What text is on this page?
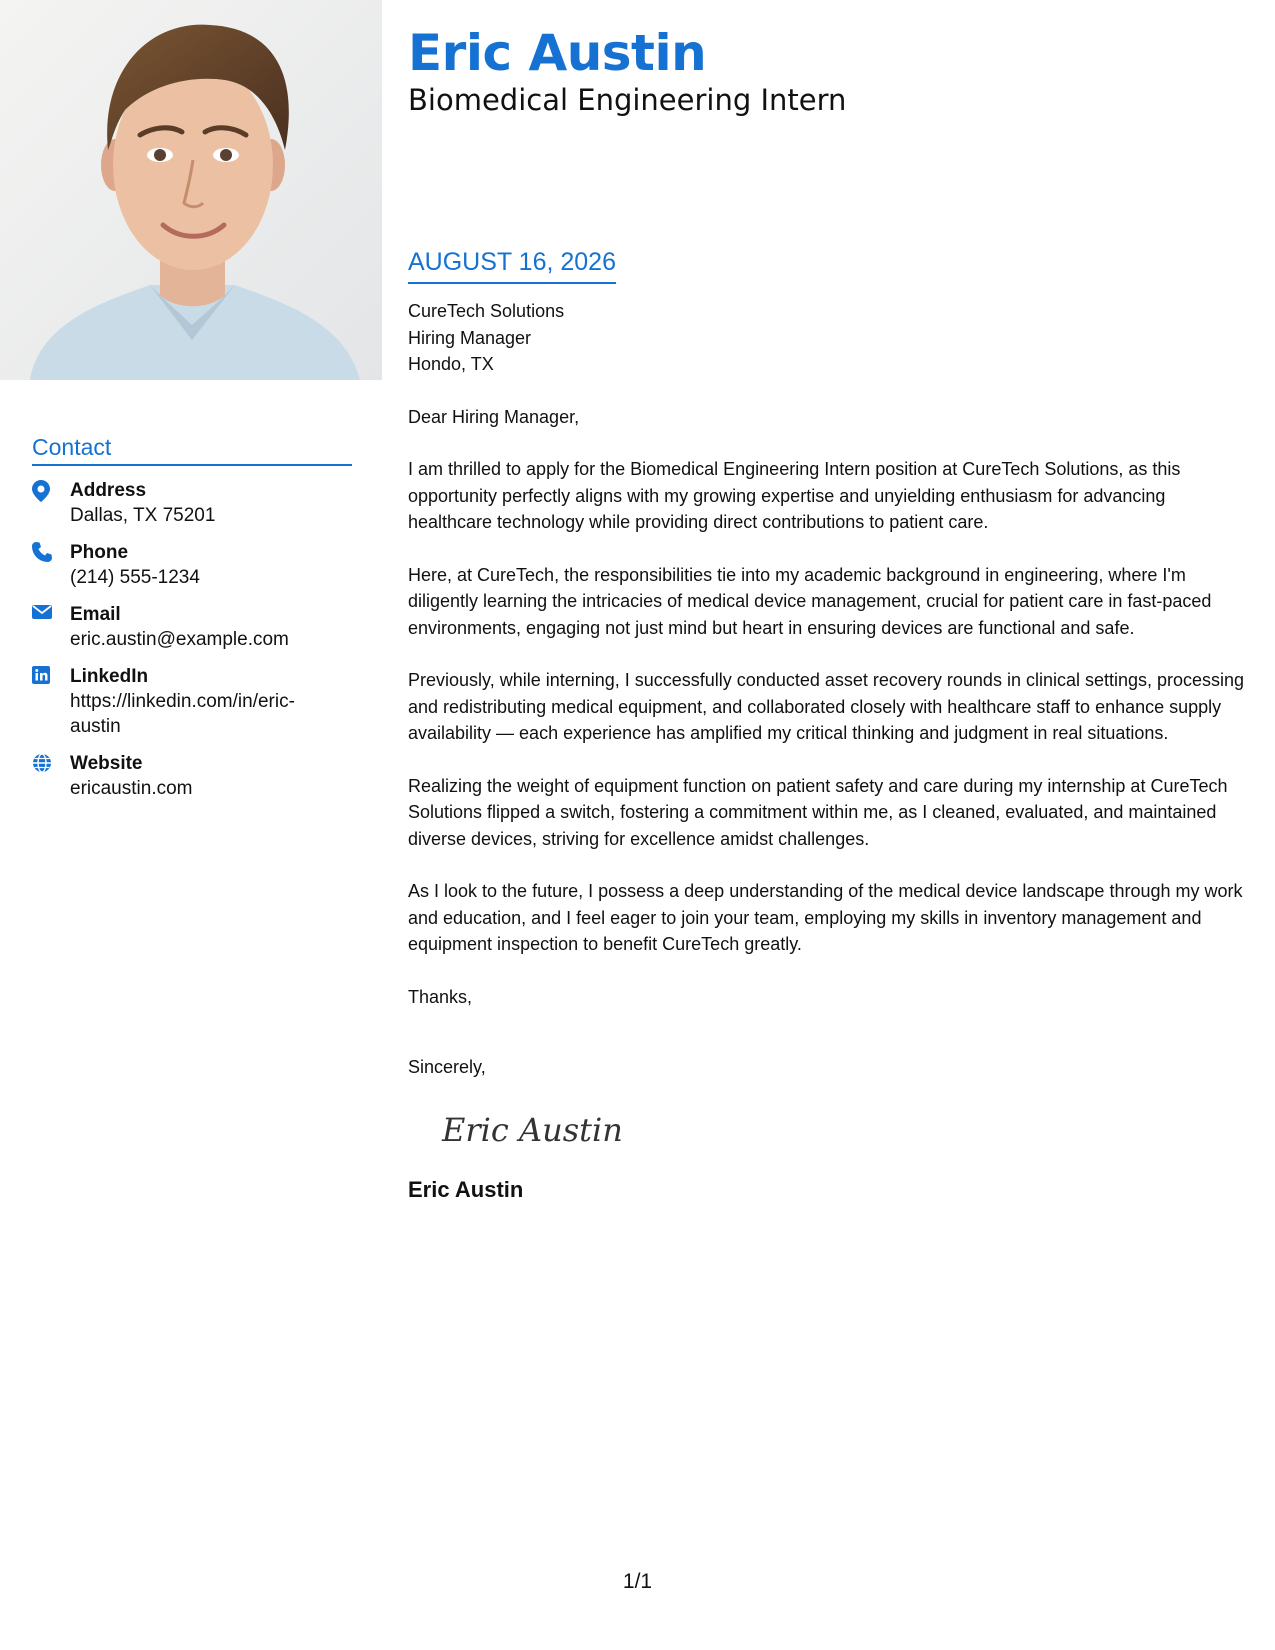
Eric Austin
Biomedical Engineering Intern
Contact
Address
Dallas, TX 75201
Phone
(214) 555-1234
Email
eric.austin@example.com
LinkedIn
https://linkedin.com/in/eric-austin
Website
ericaustin.com
AUGUST 16, 2026
CureTech Solutions
Hiring Manager
Hondo, TX

Dear Hiring Manager,

I am thrilled to apply for the Biomedical Engineering Intern position at CureTech Solutions, as this opportunity perfectly aligns with my growing expertise and unyielding enthusiasm for advancing healthcare technology while providing direct contributions to patient care.

Here, at CureTech, the responsibilities tie into my academic background in engineering, where I'm diligently learning the intricacies of medical device management, crucial for patient care in fast-paced environments, engaging not just mind but heart in ensuring devices are functional and safe.

Previously, while interning, I successfully conducted asset recovery rounds in clinical settings, processing and redistributing medical equipment, and collaborated closely with healthcare staff to enhance supply availability — each experience has amplified my critical thinking and judgment in real situations.

Realizing the weight of equipment function on patient safety and care during my internship at CureTech Solutions flipped a switch, fostering a commitment within me, as I cleaned, evaluated, and maintained diverse devices, striving for excellence amidst challenges.

As I look to the future, I possess a deep understanding of the medical device landscape through my work and education, and I feel eager to join your team, employing my skills in inventory management and equipment inspection to benefit CureTech greatly.

Thanks,

Sincerely,

Eric Austin
Eric Austin
1/1
